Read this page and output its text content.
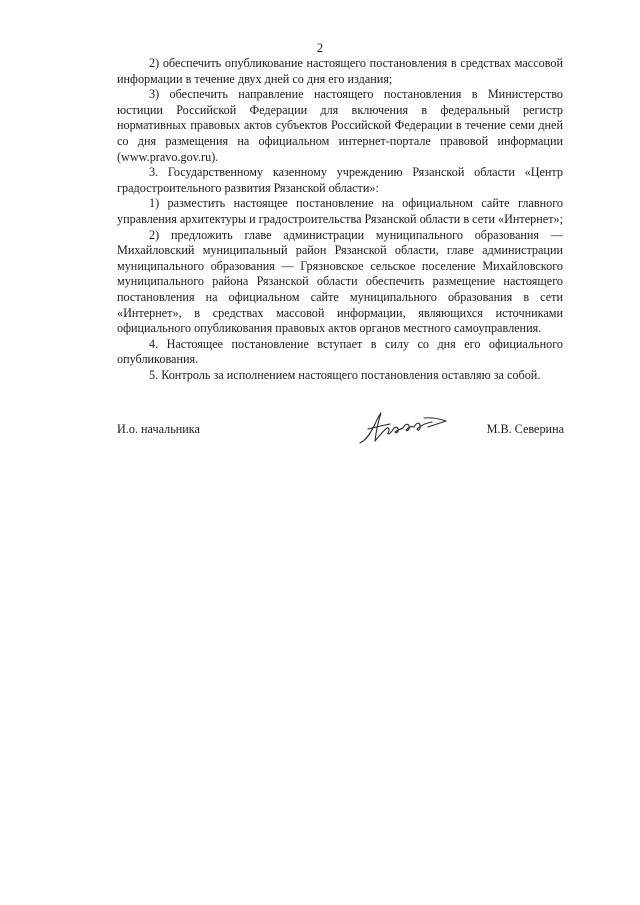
2

2) обеспечить опубликование настоящего постановления в средствах массовой информации в течение двух дней со дня его издания;

3) обеспечить направление настоящего постановления в Министерство юстиции Российской Федерации для включения в федеральный регистр нормативных правовых актов субъектов Российской Федерации в течение семи дней со дня размещения на официальном интернет-портале правовой информации (www.pravo.gov.ru).

3. Государственному казенному учреждению Рязанской области «Центр градостроительного развития Рязанской области»:

1) разместить настоящее постановление на официальном сайте главного управления архитектуры и градостроительства Рязанской области в сети «Интернет»;

2) предложить главе администрации муниципального образования — Михайловский муниципальный район Рязанской области, главе администрации муниципального образования — Грязновское сельское поселение Михайловского муниципального района Рязанской области обеспечить размещение настоящего постановления на официальном сайте муниципального образования в сети «Интернет», в средствах массовой информации, являющихся источниками официального опубликования правовых актов органов местного самоуправления.

4. Настоящее постановление вступает в силу со дня его официального опубликования.

5. Контроль за исполнением настоящего постановления оставляю за собой.

И.о. начальника	М.В. Северина
